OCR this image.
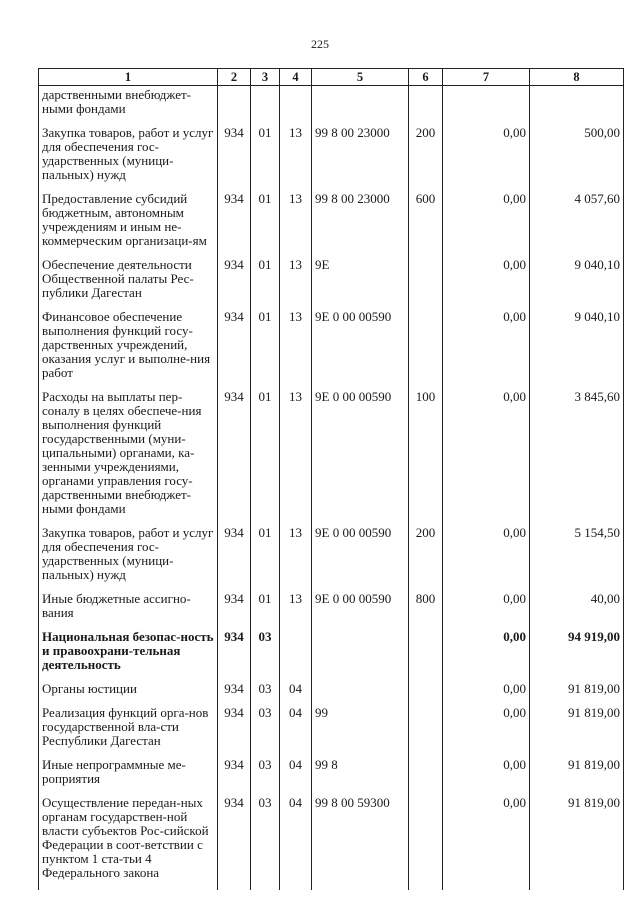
225
1	2	3	4	5	6	7	8
дарственными внебюджет-ными фондами							
Закупка товаров, работ и услуг для обеспечения гос-ударственных (муници-пальных) нужд	934	01	13	99 8 00 23000	200	0,00	500,00
Предоставление субсидий бюджетным, автономным учреждениям и иным не-коммерческим организаци-ям	934	01	13	99 8 00 23000	600	0,00	4 057,60
Обеспечение деятельности Общественной палаты Рес-публики Дагестан	934	01	13	9Е		0,00	9 040,10
Финансовое обеспечение выполнения функций госу-дарственных учреждений, оказания услуг и выполне-ния работ	934	01	13	9Е 0 00 00590		0,00	9 040,10
Расходы на выплаты пер-соналу в целях обеспече-ния выполнения функций государственными (муни-ципальными) органами, ка-зенными учреждениями, органами управления госу-дарственными внебюджет-ными фондами	934	01	13	9Е 0 00 00590	100	0,00	3 845,60
Закупка товаров, работ и услуг для обеспечения гос-ударственных (муници-пальных) нужд	934	01	13	9Е 0 00 00590	200	0,00	5 154,50
Иные бюджетные ассигно-вания	934	01	13	9Е 0 00 00590	800	0,00	40,00
Национальная безопас-ность и правоохрани-тельная деятельность	934	03				0,00	94 919,00
Органы юстиции	934	03	04			0,00	91 819,00
Реализация функций орга-нов государственной вла-сти Республики Дагестан	934	03	04	99		0,00	91 819,00
Иные непрограммные ме-роприятия	934	03	04	99 8		0,00	91 819,00
Осуществление передан-ных органам государствен-ной власти субъектов Рос-сийской Федерации в соот-ветствии с пунктом 1 ста-тьи 4 Федерального закона	934	03	04	99 8 00 59300		0,00	91 819,00
